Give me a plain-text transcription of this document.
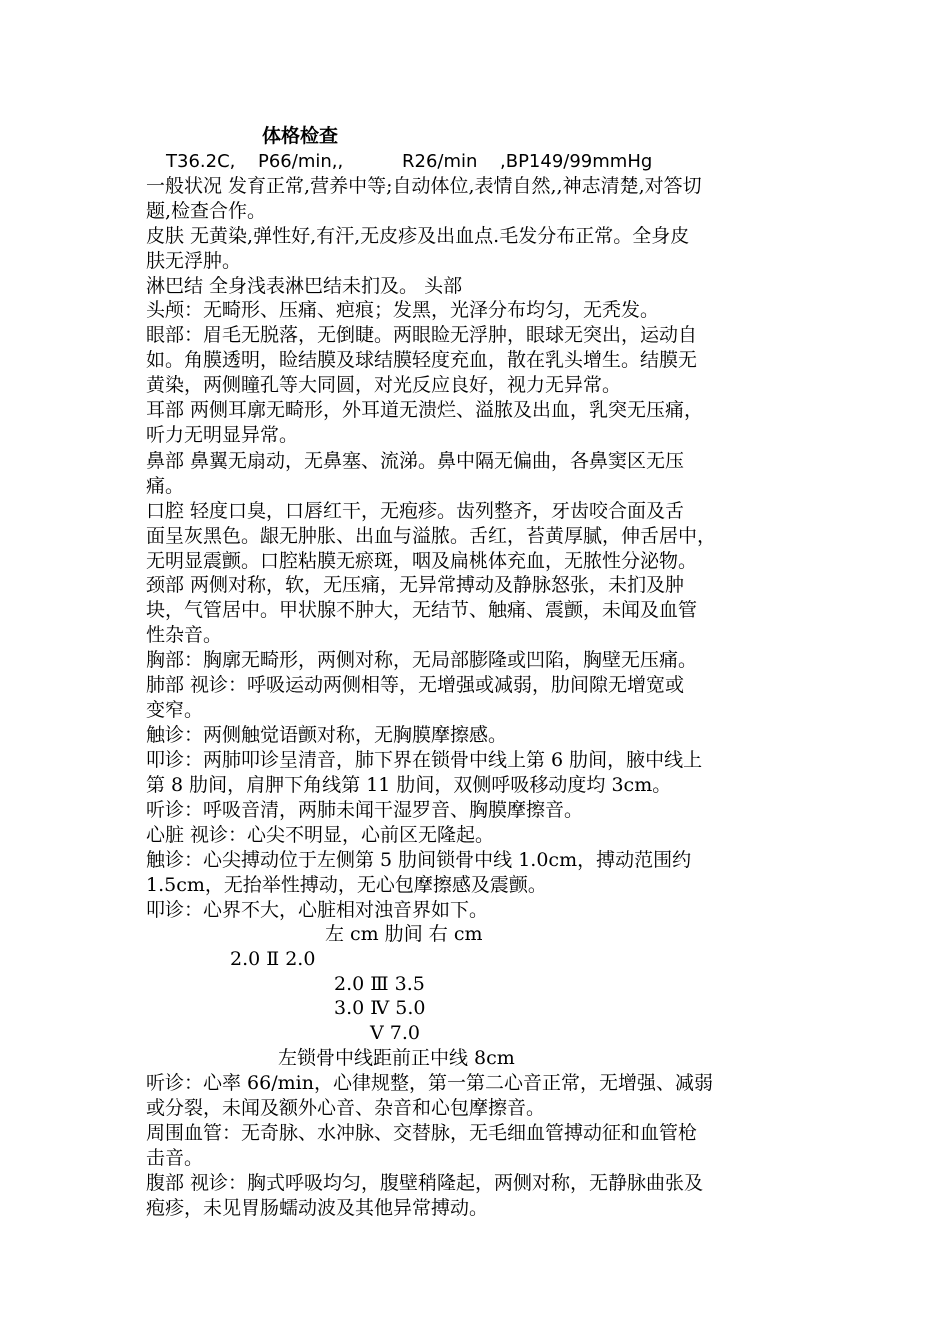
体格检查
T36.2C, P66/min,,	R26/min ,BP149/99mmHg
一般状况 发育正常,营养中等;自动体位,表情自然,,神志清楚,对答切
题,检查合作。
皮肤 无黄染,弹性好,有汗,无皮疹及出血点.毛发分布正常。全身皮
肤无浮肿。
淋巴结 全身浅表淋巴结未扪及。 头部
头颅：无畸形、压痛、疤痕；发黑，光泽分布均匀，无秃发。
眼部：眉毛无脱落，无倒睫。两眼睑无浮肿，眼球无突出，运动自
如。角膜透明，睑结膜及球结膜轻度充血，散在乳头增生。结膜无
黄染，两侧瞳孔等大同圆，对光反应良好，视力无异常。
耳部 两侧耳廓无畸形，外耳道无溃烂、溢脓及出血，乳突无压痛，
听力无明显异常。
鼻部 鼻翼无扇动，无鼻塞、流涕。鼻中隔无偏曲，各鼻窦区无压
痛。
口腔 轻度口臭，口唇红干，无疱疹。齿列整齐，牙齿咬合面及舌
面呈灰黑色。龈无肿胀、出血与溢脓。舌红，苔黄厚腻，伸舌居中，
无明显震颤。口腔粘膜无瘀斑，咽及扁桃体充血，无脓性分泌物。
颈部 两侧对称，软，无压痛，无异常搏动及静脉怒张，未扪及肿
块，气管居中。甲状腺不肿大，无结节、触痛、震颤，未闻及血管
性杂音。
胸部：胸廓无畸形，两侧对称，无局部膨隆或凹陷，胸壁无压痛。
肺部 视诊：呼吸运动两侧相等，无增强或减弱，肋间隙无增宽或
变窄。
触诊：两侧触觉语颤对称，无胸膜摩擦感。
叩诊：两肺叩诊呈清音，肺下界在锁骨中线上第 6 肋间，腋中线上
第 8 肋间，肩胛下角线第 11 肋间，双侧呼吸移动度均 3cm。
听诊：呼吸音清，两肺未闻干湿罗音、胸膜摩擦音。
心脏 视诊：心尖不明显，心前区无隆起。
触诊：心尖搏动位于左侧第 5 肋间锁骨中线 1.0cm，搏动范围约
1.5cm，无抬举性搏动，无心包摩擦感及震颤。
叩诊：心界不大，心脏相对浊音界如下。
左 cm 肋间 右 cm
2.0 Ⅱ 2.0
2.0 Ⅲ 3.5
3.0 Ⅳ 5.0
Ⅴ 7.0
左锁骨中线距前正中线 8cm
听诊：心率 66/min，心律规整，第一第二心音正常，无增强、减弱
或分裂，未闻及额外心音、杂音和心包摩擦音。
周围血管：无奇脉、水冲脉、交替脉，无毛细血管搏动征和血管枪
击音。
腹部 视诊：胸式呼吸均匀，腹壁稍隆起，两侧对称，无静脉曲张及
疱疹，未见胃肠蠕动波及其他异常搏动。
